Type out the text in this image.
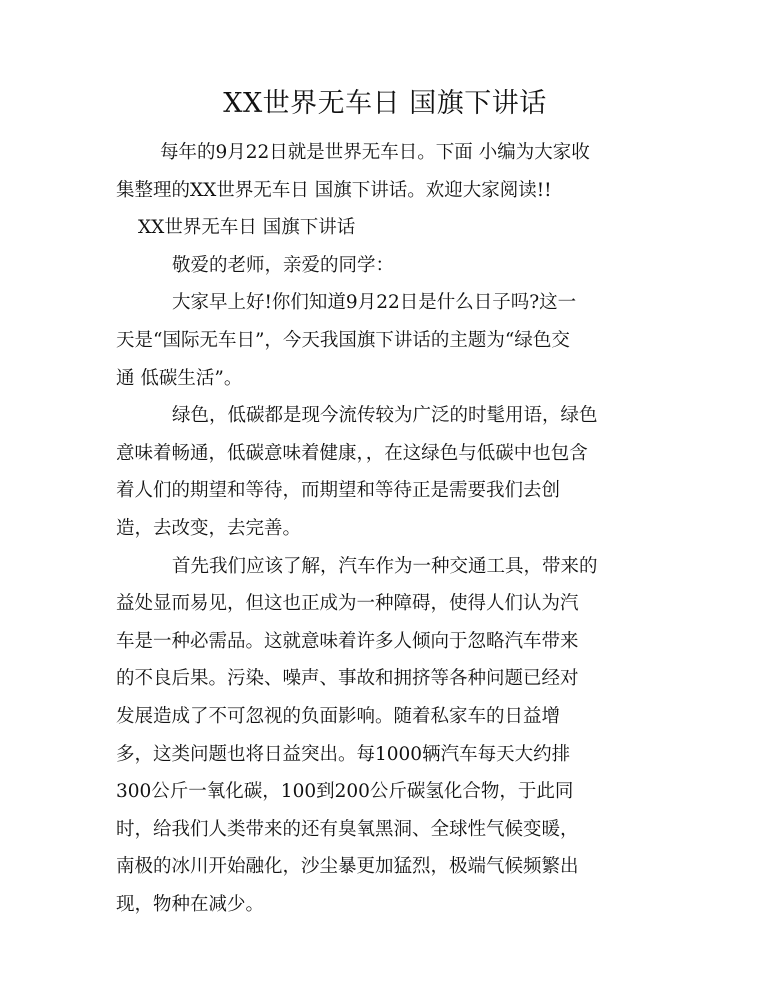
XX世界无车日 国旗下讲话
每年的9月22日就是世界无车日。下面 小编为大家收
集整理的XX世界无车日 国旗下讲话。欢迎大家阅读!!
XX世界无车日 国旗下讲话
敬爱的老师，亲爱的同学：
大家早上好!你们知道9月22日是什么日子吗?这一
天是“国际无车日”，今天我国旗下讲话的主题为“绿色交
通 低碳生活”。
绿色，低碳都是现今流传较为广泛的时髦用语，绿色
意味着畅通，低碳意味着健康，，在这绿色与低碳中也包含
着人们的期望和等待，而期望和等待正是需要我们去创
造，去改变，去完善。
首先我们应该了解，汽车作为一种交通工具，带来的
益处显而易见，但这也正成为一种障碍，使得人们认为汽
车是一种必需品。这就意味着许多人倾向于忽略汽车带来
的不良后果。污染、噪声、事故和拥挤等各种问题已经对
发展造成了不可忽视的负面影响。随着私家车的日益增
多，这类问题也将日益突出。每1000辆汽车每天大约排
300公斤一氧化碳，100到200公斤碳氢化合物，于此同
时，给我们人类带来的还有臭氧黑洞、全球性气候变暖，
南极的冰川开始融化，沙尘暴更加猛烈，极端气候频繁出
现，物种在减少。
